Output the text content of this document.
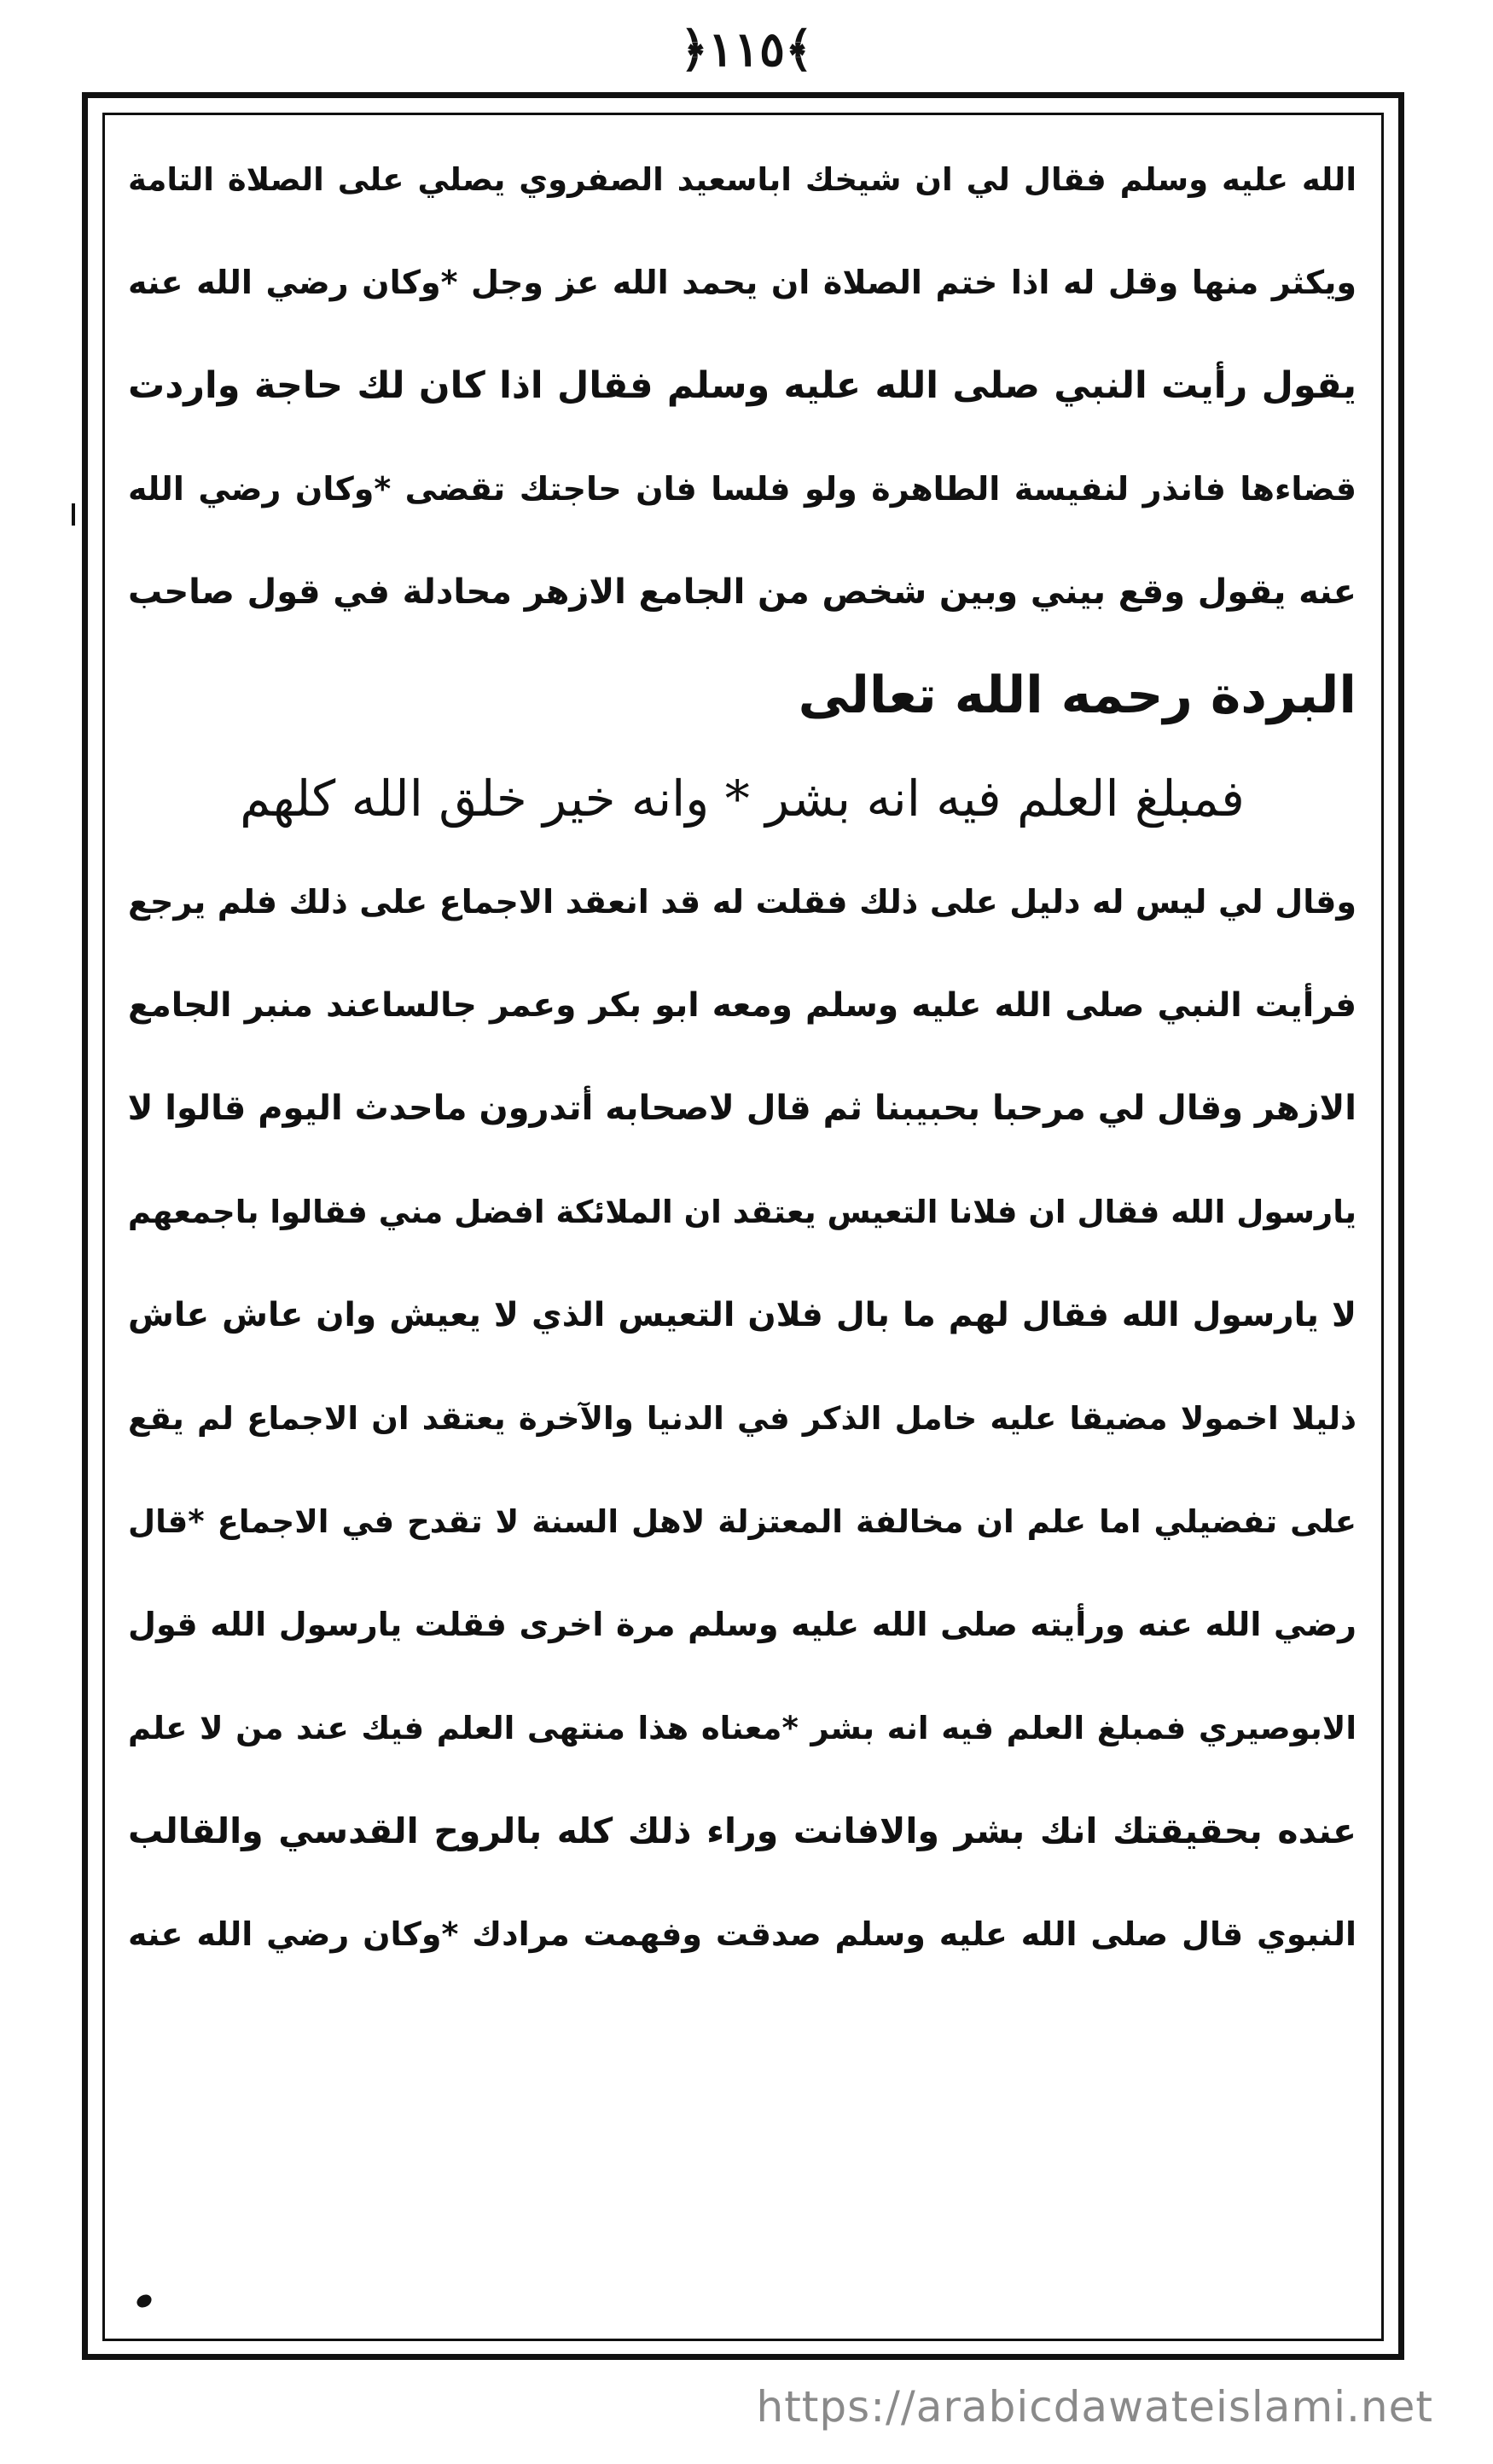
﴿١١٥﴾
الله عليه وسلم فقال لي ان شيخك اباسعيد الصفروي يصلي على الصلاة التامة
ويكثر منها وقل له اذا ختم الصلاة ان يحمد الله عز وجل *وكان رضي الله عنه
يقول رأيت النبي صلى الله عليه وسلم فقال اذا كان لك حاجة واردت
قضاءها فانذر لنفيسة الطاهرة ولو فلسا فان حاجتك تقضى *وكان رضي الله
عنه يقول وقع بيني وبين شخص من الجامع الازهر محادلة في قول صاحب
البردة رحمه الله تعالى
فمبلغ العلم فيه انه بشر * وانه خير خلق الله كلهم
وقال لي ليس له دليل على ذلك فقلت له قد انعقد الاجماع على ذلك فلم يرجع
فرأيت النبي صلى الله عليه وسلم ومعه ابو بكر وعمر جالساعند منبر الجامع
الازهر وقال لي مرحبا بحبيبنا ثم قال لاصحابه أتدرون ماحدث اليوم قالوا لا
يارسول الله فقال ان فلانا التعيس يعتقد ان الملائكة افضل مني فقالوا باجمعهم
لا يارسول الله فقال لهم ما بال فلان التعيس الذي لا يعيش وان عاش عاش
ذليلا اخمولا مضيقا عليه خامل الذكر في الدنيا والآخرة يعتقد ان الاجماع لم يقع
على تفضيلي اما علم ان مخالفة المعتزلة لاهل السنة لا تقدح في الاجماع *قال
رضي الله عنه ورأيته صلى الله عليه وسلم مرة اخرى فقلت يارسول الله قول
الابوصيري فمبلغ العلم فيه انه بشر *معناه هذا منتهى العلم فيك عند من لا علم
عنده بحقيقتك انك بشر والافانت وراء ذلك كله بالروح القدسي والقالب
النبوي قال صلى الله عليه وسلم صدقت وفهمت مرادك *وكان رضي الله عنه
https://arabicdawateislami.net
